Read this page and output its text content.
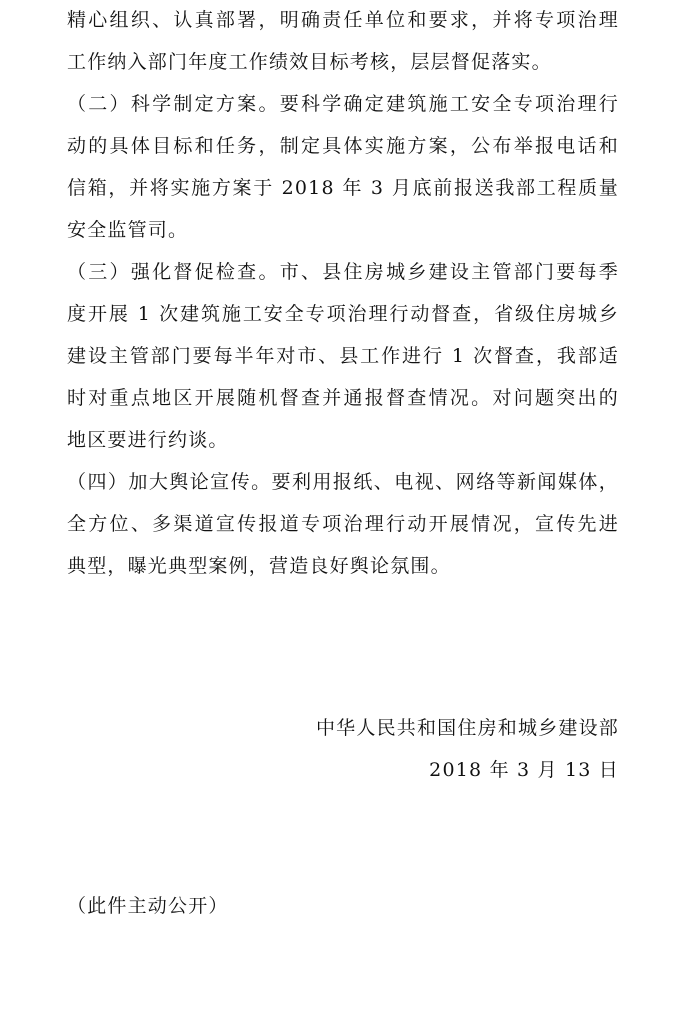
精心组织、认真部署，明确责任单位和要求，并将专项治理
工作纳入部门年度工作绩效目标考核，层层督促落实。
（二）科学制定方案。要科学确定建筑施工安全专项治理行
动的具体目标和任务，制定具体实施方案，公布举报电话和
信箱，并将实施方案于 2018 年 3 月底前报送我部工程质量
安全监管司。
（三）强化督促检查。市、县住房城乡建设主管部门要每季
度开展 1 次建筑施工安全专项治理行动督查，省级住房城乡
建设主管部门要每半年对市、县工作进行 1 次督查，我部适
时对重点地区开展随机督查并通报督查情况。对问题突出的
地区要进行约谈。
（四）加大舆论宣传。要利用报纸、电视、网络等新闻媒体，
全方位、多渠道宣传报道专项治理行动开展情况，宣传先进
典型，曝光典型案例，营造良好舆论氛围。
中华人民共和国住房和城乡建设部
2018 年 3 月 13 日
（此件主动公开）
